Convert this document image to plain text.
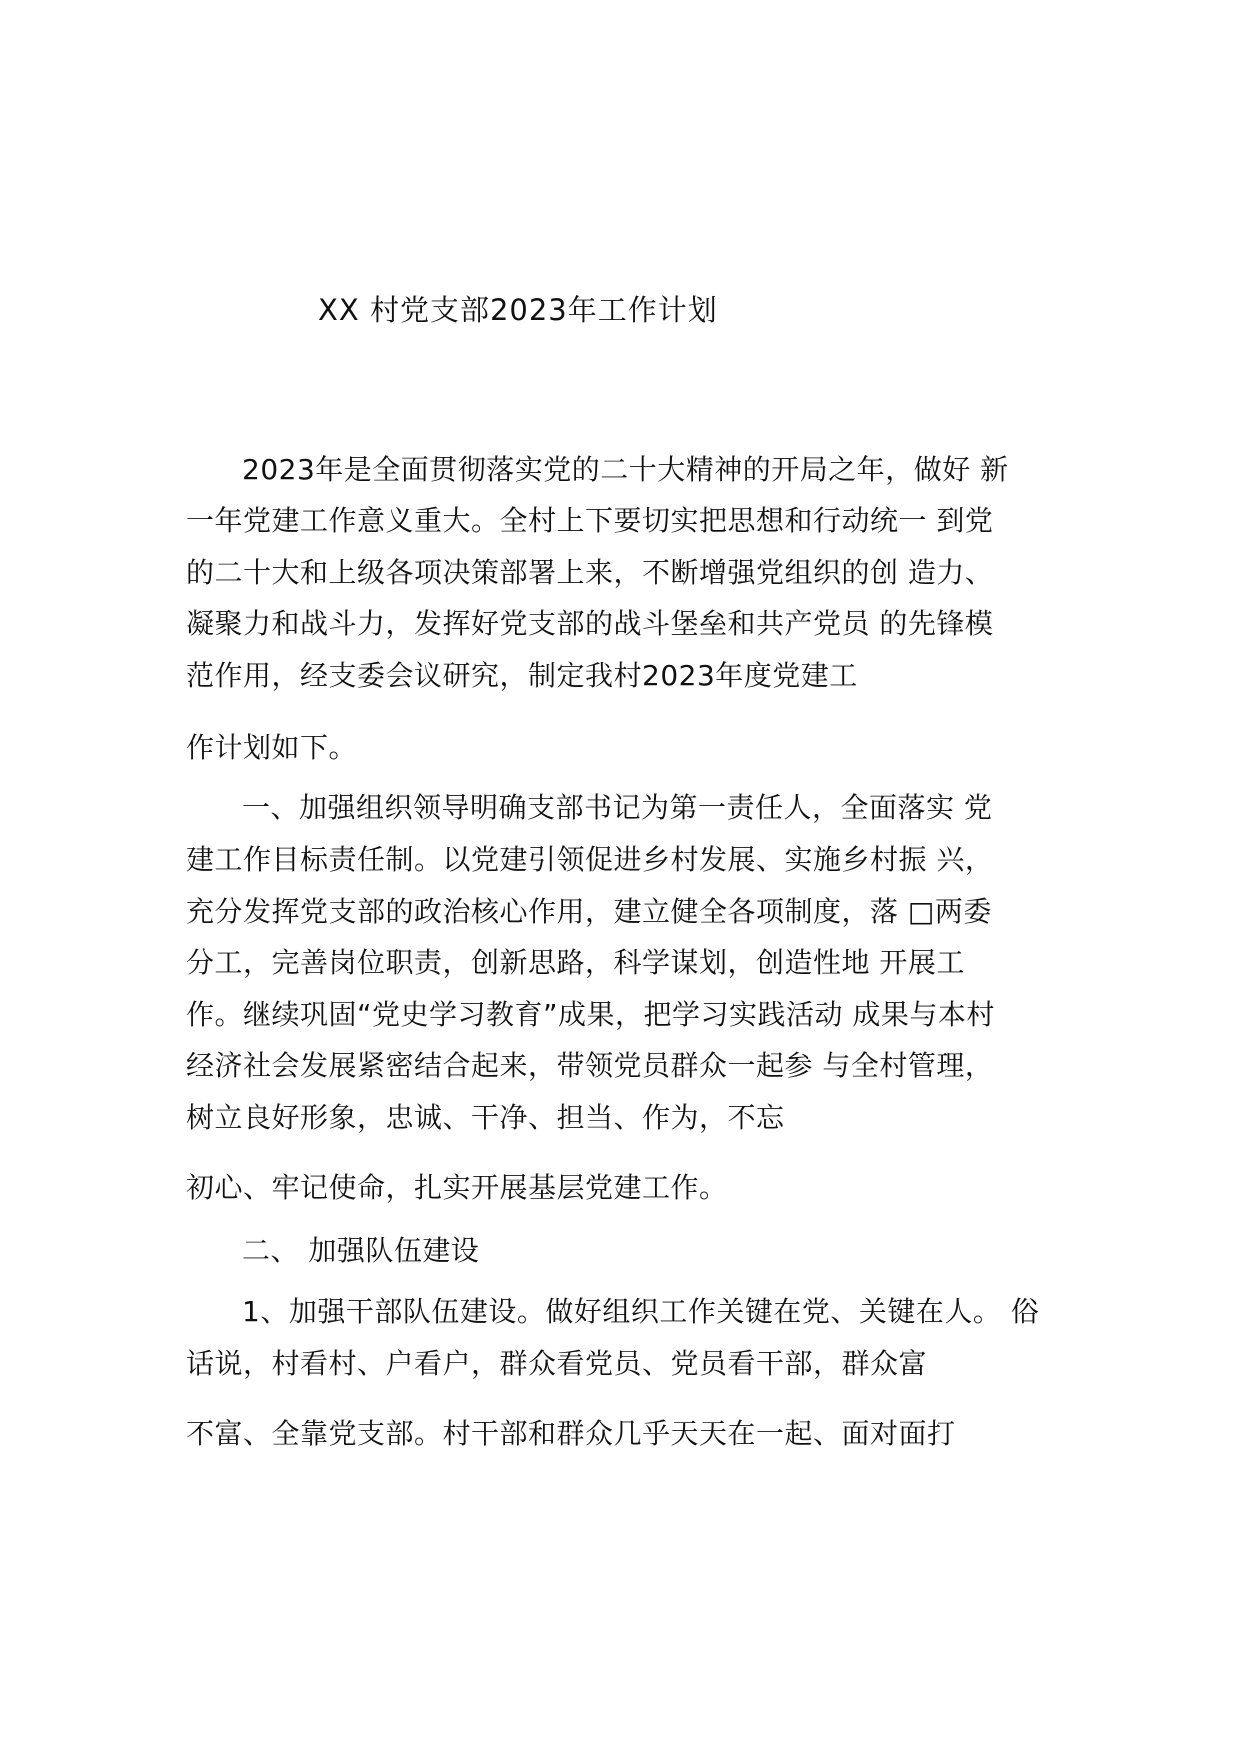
XX 村党支部2023年工作计划
2023年是全面贯彻落实党的二十大精神的开局之年，做好 新
一年党建工作意义重大。全村上下要切实把思想和行动统一 到党
的二十大和上级各项决策部署上来，不断增强党组织的创 造力、
凝聚力和战斗力，发挥好党支部的战斗堡垒和共产党员 的先锋模
范作用，经支委会议研究，制定我村2023年度党建工
作计划如下。
一、加强组织领导明确支部书记为第一责任人，全面落实 党
建工作目标责任制。以党建引领促进乡村发展、实施乡村振 兴，
充分发挥党支部的政治核心作用，建立健全各项制度，落 □两委
分工，完善岗位职责，创新思路，科学谋划，创造性地 开展工
作。继续巩固“党史学习教育”成果，把学习实践活动 成果与本村
经济社会发展紧密结合起来，带领党员群众一起参 与全村管理，
树立良好形象，忠诚、干净、担当、作为，不忘
初心、牢记使命，扎实开展基层党建工作。
二、 加强队伍建设
1、加强干部队伍建设。做好组织工作关键在党、关键在人。 俗
话说，村看村、户看户，群众看党员、党员看干部，群众富
不富、全靠党支部。村干部和群众几乎天天在一起、面对面打
